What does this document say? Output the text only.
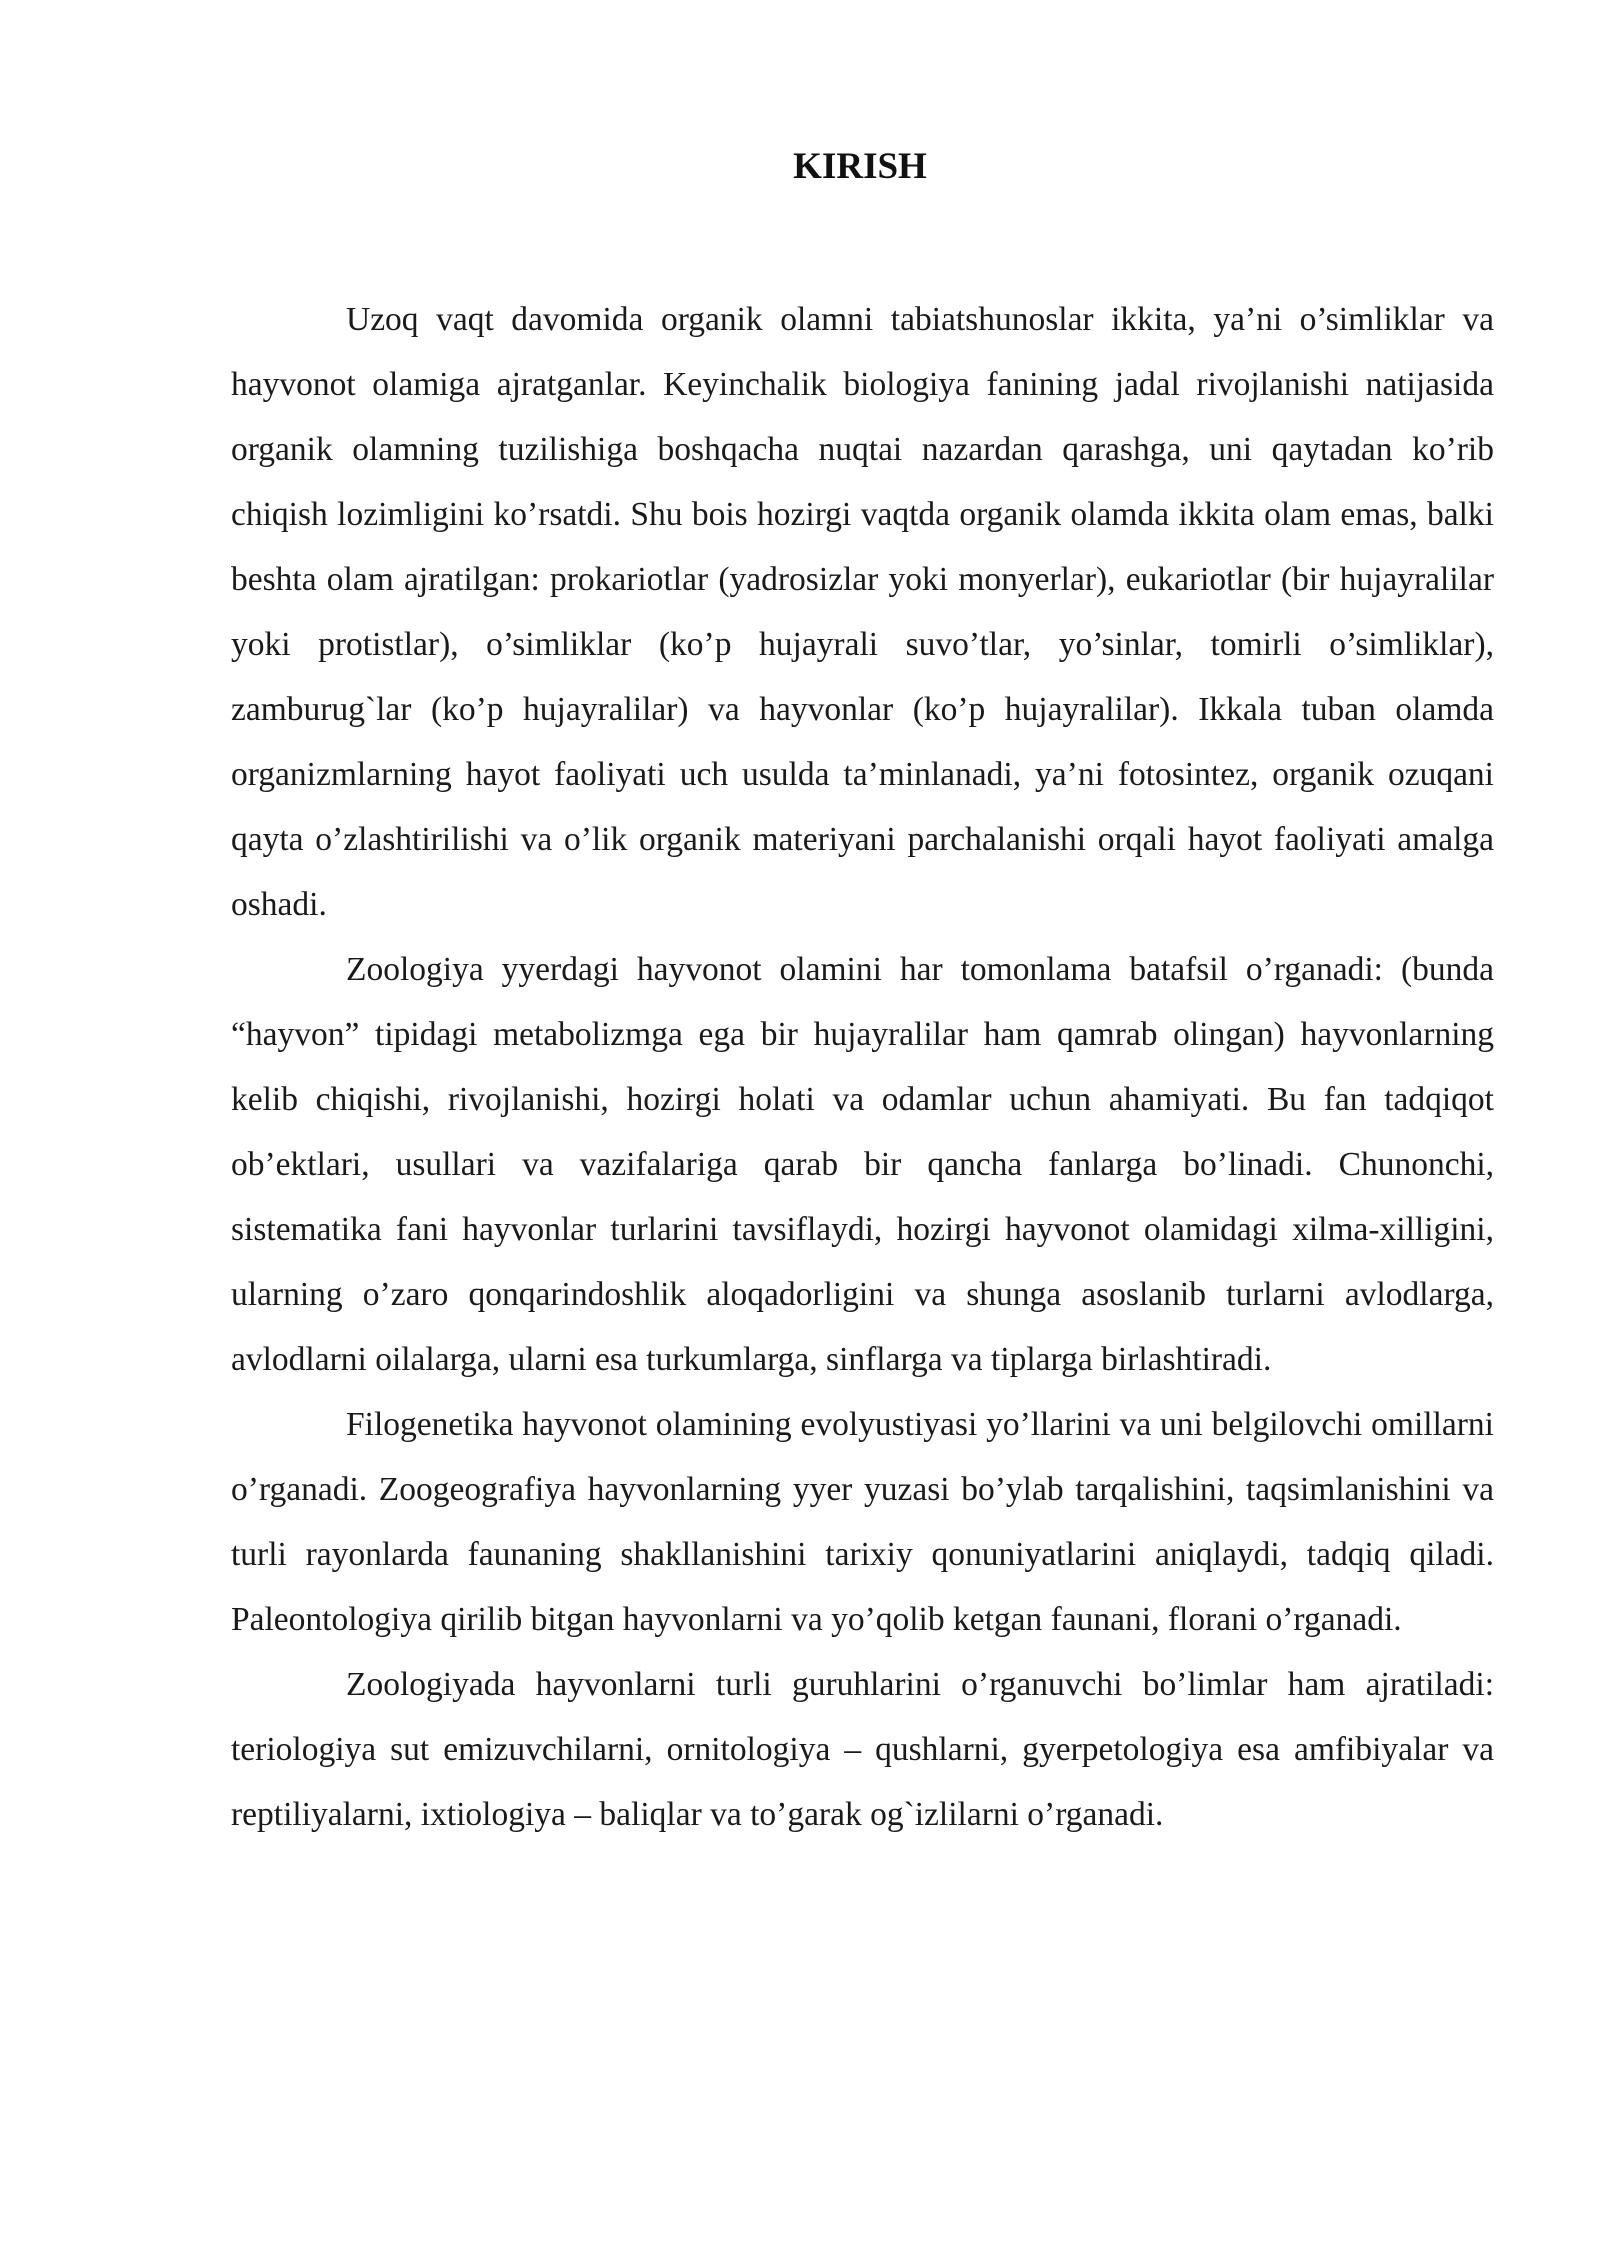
KIRISH

Uzoq vaqt davomida organik olamni tabiatshunoslar ikkita, ya’ni o’simliklar va hayvonot olamiga ajratganlar. Keyinchalik biologiya fanining jadal rivojlanishi natijasida organik olamning tuzilishiga boshqacha nuqtai nazardan qarashga, uni qaytadan ko’rib chiqish lozimligini ko’rsatdi. Shu bois hozirgi vaqtda organik olamda ikkita olam emas, balki beshta olam ajratilgan: prokariotlar (yadrosizlar yoki monyerlar), eukariotlar (bir hujayralilar yoki protistlar), o’simliklar (ko’p hujayrali suvo’tlar, yo’sinlar, tomirli o’simliklar), zamburug`lar (ko’p hujayralilar) va hayvonlar (ko’p hujayralilar). Ikkala tuban olamda organizmlarning hayot faoliyati uch usulda ta’minlanadi, ya’ni fotosintez, organik ozuqani qayta o’zlashtirilishi va o’lik organik materiyani parchalanishi orqali hayot faoliyati amalga oshadi.

Zoologiya yyerdagi hayvonot olamini har tomonlama batafsil o’rganadi: (bunda “hayvon” tipidagi metabolizmga ega bir hujayralilar ham qamrab olingan) hayvonlarning kelib chiqishi, rivojlanishi, hozirgi holati va odamlar uchun ahamiyati. Bu fan tadqiqot ob’ektlari, usullari va vazifalariga qarab bir qancha fanlarga bo’linadi. Chunonchi, sistematika fani hayvonlar turlarini tavsiflaydi, hozirgi hayvonot olamidagi xilma-xilligini, ularning o’zaro qonqarindoshlik aloqadorligini va shunga asoslanib turlarni avlodlarga, avlodlarni oilalarga, ularni esa turkumlarga, sinflarga va tiplarga birlashtiradi.

Filogenetika hayvonot olamining evolyustiyasi yo’llarini va uni belgilovchi omillarni o’rganadi. Zoogeografiya hayvonlarning yyer yuzasi bo’ylab tarqalishini, taqsimlanishini va turli rayonlarda faunaning shakllanishini tarixiy qonuniyatlarini aniqlaydi, tadqiq qiladi. Paleontologiya qirilib bitgan hayvonlarni va yo’qolib ketgan faunani, florani o’rganadi.

Zoologiyada hayvonlarni turli guruhlarini o’rganuvchi bo’limlar ham ajratiladi: teriologiya sut emizuvchilarni, ornitologiya – qushlarni, gyerpetologiya esa amfibiyalar va reptiliyalarni, ixtiologiya – baliqlar va to’garak og`izlilarni o’rganadi.
